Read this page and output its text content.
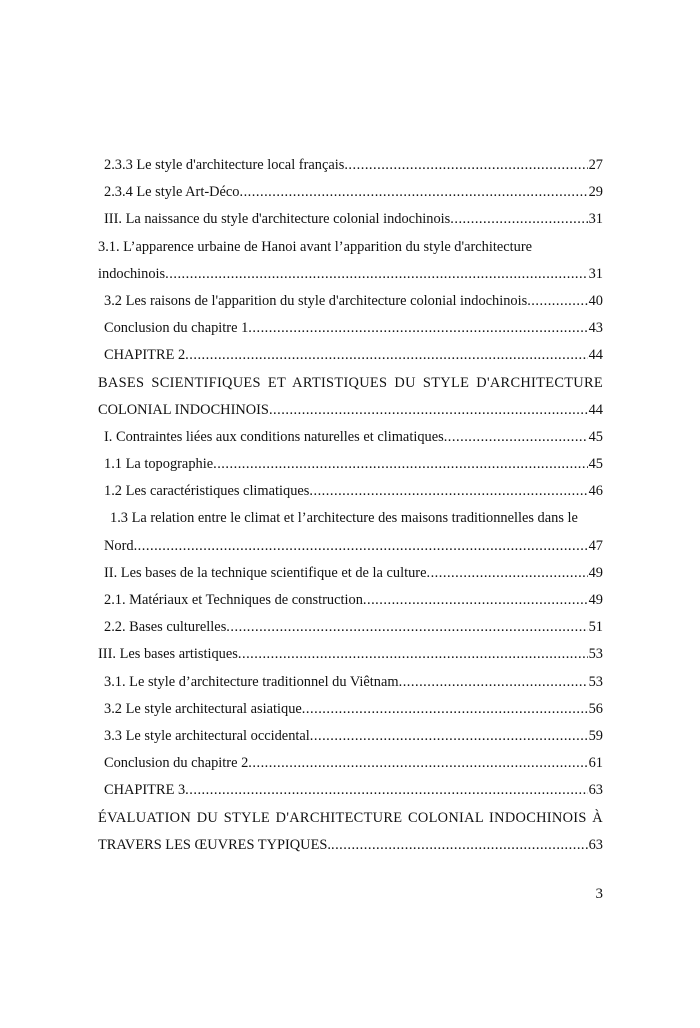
2.3.3 Le style d'architecture local français .....	27
2.3.4 Le style Art-Déco .....	29
III. La naissance du style d'architecture colonial indochinois .....	31
3.1. L’apparence urbaine de Hanoi avant l’apparition du style d'architecture
indochinois .....	31
3.2 Les raisons de l'apparition du style d'architecture colonial indochinois .....	40
Conclusion du chapitre 1 .....	43
CHAPITRE 2 .....	44
BASES SCIENTIFIQUES ET ARTISTIQUES DU STYLE D'ARCHITECTURE
COLONIAL INDOCHINOIS .....	44
I. Contraintes liées aux conditions naturelles et climatiques .....	45
1.1 La topographie .....	45
1.2 Les caractéristiques climatiques .....	46
1.3 La relation entre le climat et l’architecture des maisons traditionnelles dans le
Nord .....	47
II. Les bases de la technique scientifique et de la culture .....	49
2.1. Matériaux et Techniques de construction .....	49
2.2. Bases culturelles .....	51
III. Les bases artistiques .....	53
3.1. Le style d’architecture traditionnel du Viêtnam .....	53
3.2 Le style architectural asiatique .....	56
3.3 Le style architectural occidental .....	59
Conclusion du chapitre 2 .....	61
CHAPITRE 3 .....	63
ÉVALUATION DU STYLE D'ARCHITECTURE COLONIAL INDOCHINOIS À
TRAVERS LES ŒUVRES TYPIQUES. .....	63
3
